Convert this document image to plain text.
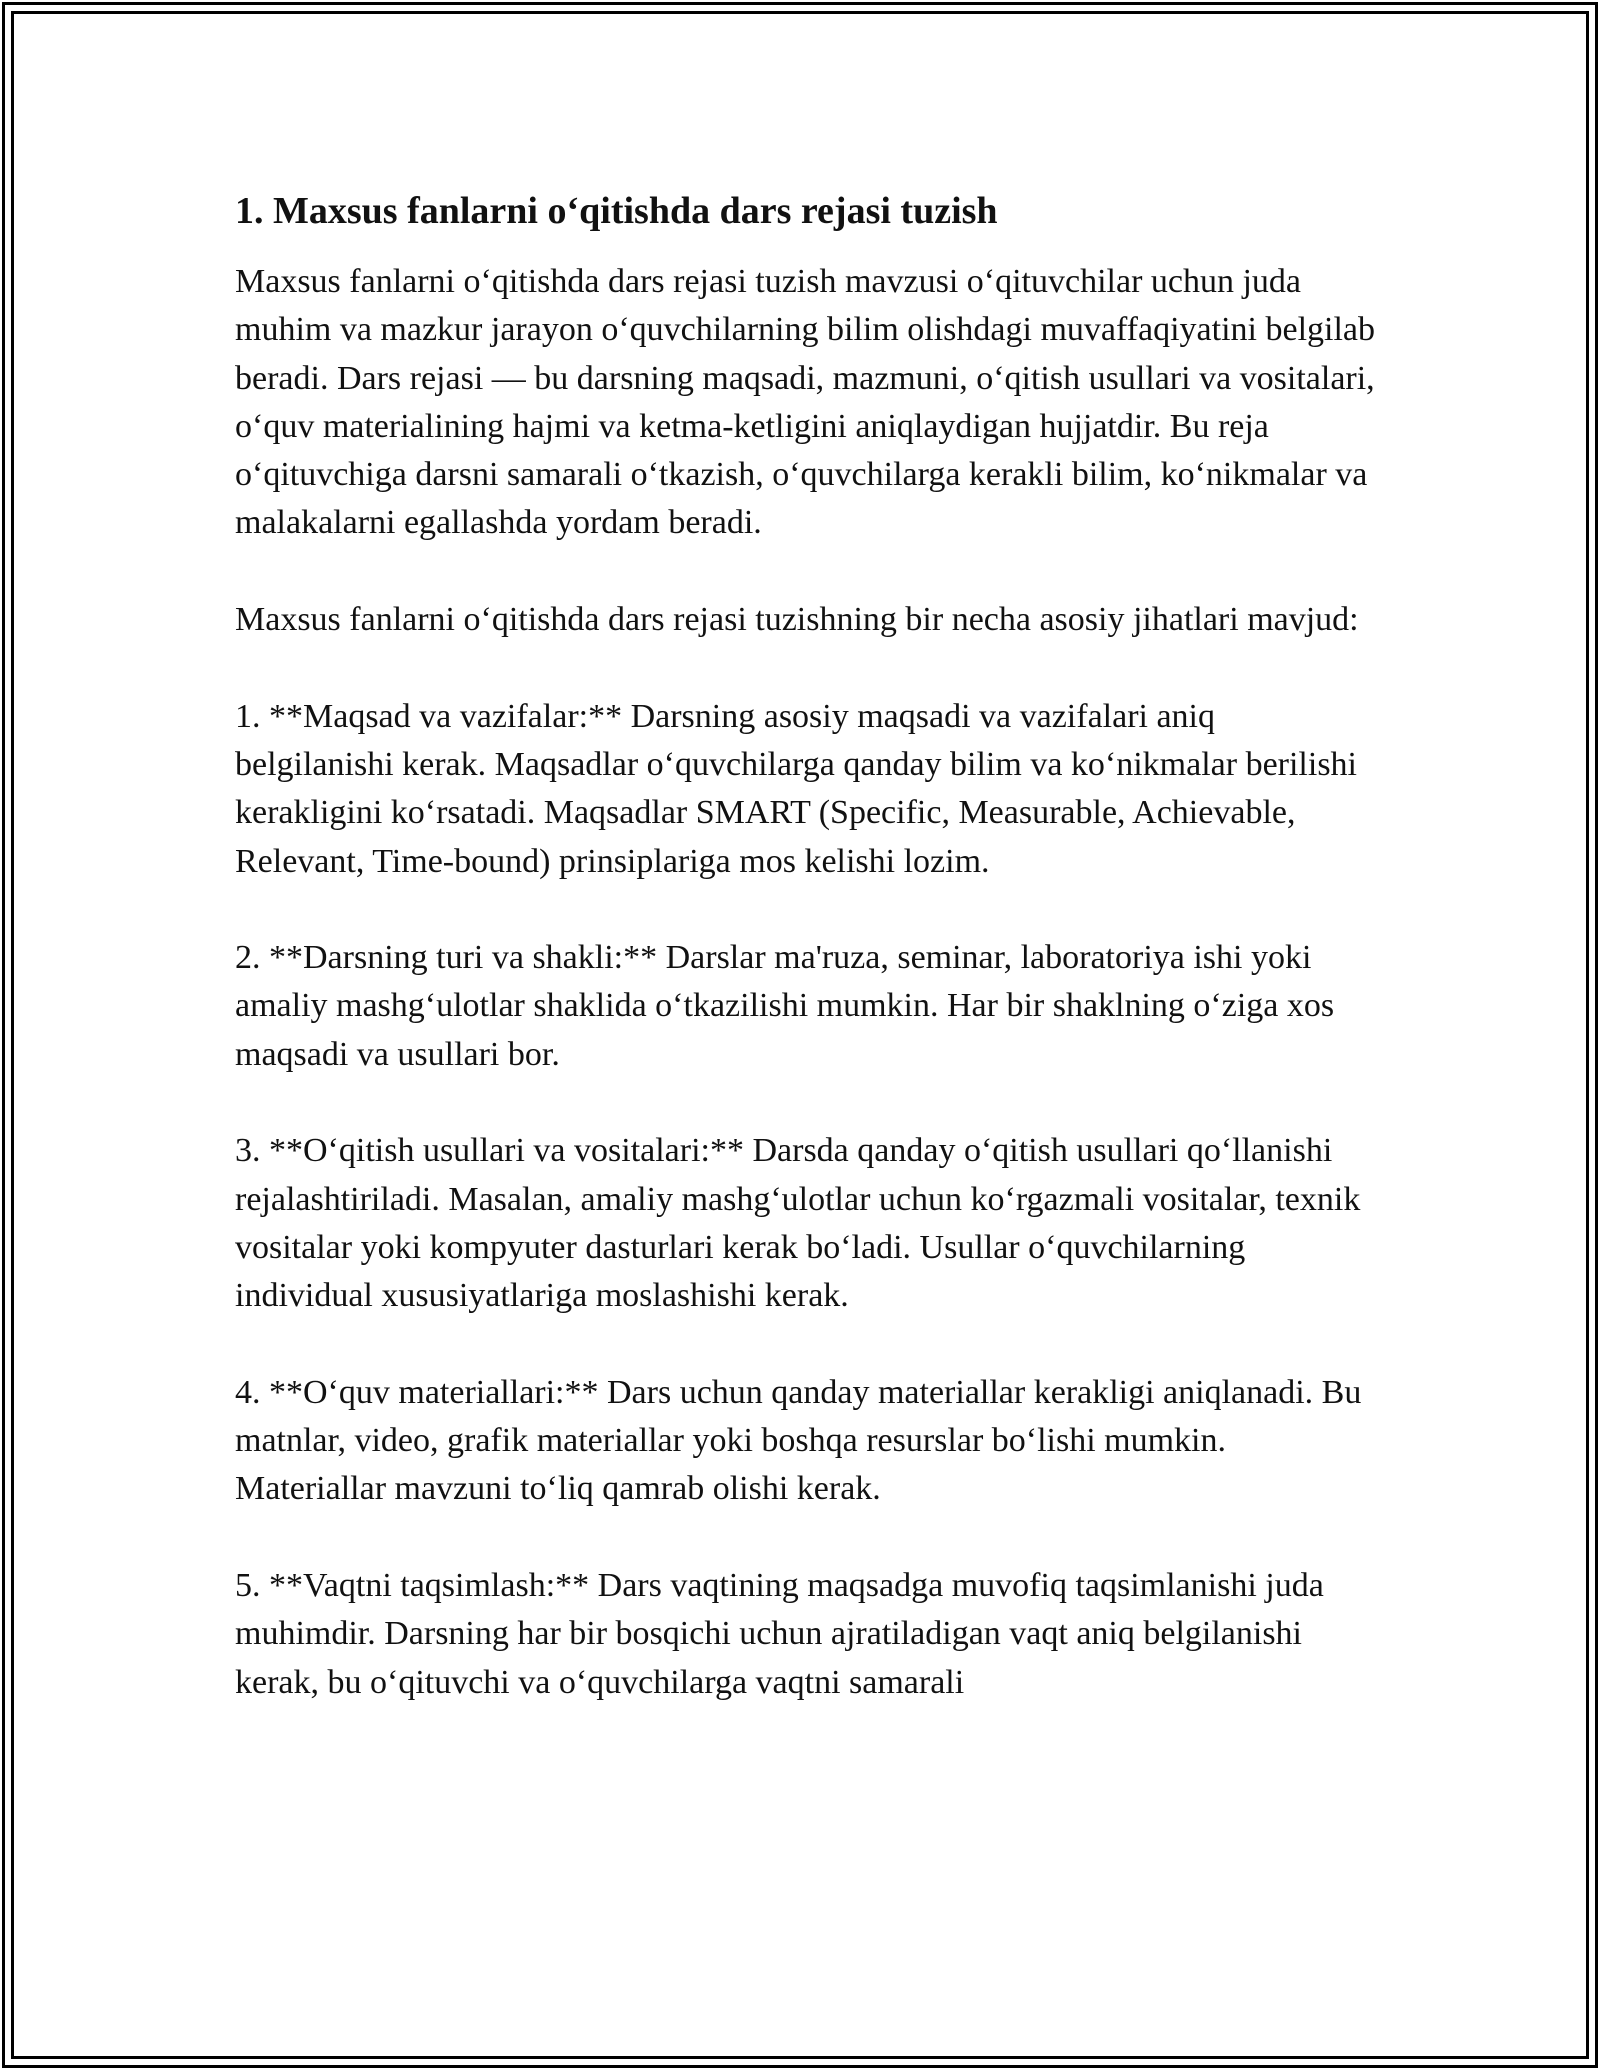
1. Maxsus fanlarni o‘qitishda dars rejasi tuzish

Maxsus fanlarni o‘qitishda dars rejasi tuzish mavzusi o‘qituvchilar uchun juda muhim va mazkur jarayon o‘quvchilarning bilim olishdagi muvaffaqiyatini belgilab beradi. Dars rejasi — bu darsning maqsadi, mazmuni, o‘qitish usullari va vositalari, o‘quv materialining hajmi va ketma-ketligini aniqlaydigan hujjatdir. Bu reja o‘qituvchiga darsni samarali o‘tkazish, o‘quvchilarga kerakli bilim, ko‘nikmalar va malakalarni egallashda yordam beradi.

Maxsus fanlarni o‘qitishda dars rejasi tuzishning bir necha asosiy jihatlari mavjud:

1. **Maqsad va vazifalar:** Darsning asosiy maqsadi va vazifalari aniq belgilanishi kerak. Maqsadlar o‘quvchilarga qanday bilim va ko‘nikmalar berilishi kerakligini ko‘rsatadi. Maqsadlar SMART (Specific, Measurable, Achievable, Relevant, Time-bound) prinsiplariga mos kelishi lozim.

2. **Darsning turi va shakli:** Darslar ma'ruza, seminar, laboratoriya ishi yoki amaliy mashg‘ulotlar shaklida o‘tkazilishi mumkin. Har bir shaklning o‘ziga xos maqsadi va usullari bor.

3. **O‘qitish usullari va vositalari:** Darsda qanday o‘qitish usullari qo‘llanishi rejalashtiriladi. Masalan, amaliy mashg‘ulotlar uchun ko‘rgazmali vositalar, texnik vositalar yoki kompyuter dasturlari kerak bo‘ladi. Usullar o‘quvchilarning individual xususiyatlariga moslashishi kerak.

4. **O‘quv materiallari:** Dars uchun qanday materiallar kerakligi aniqlanadi. Bu matnlar, video, grafik materiallar yoki boshqa resurslar bo‘lishi mumkin. Materiallar mavzuni to‘liq qamrab olishi kerak.

5. **Vaqtni taqsimlash:** Dars vaqtining maqsadga muvofiq taqsimlanishi juda muhimdir. Darsning har bir bosqichi uchun ajratiladigan vaqt aniq belgilanishi kerak, bu o‘qituvchi va o‘quvchilarga vaqtni samarali
